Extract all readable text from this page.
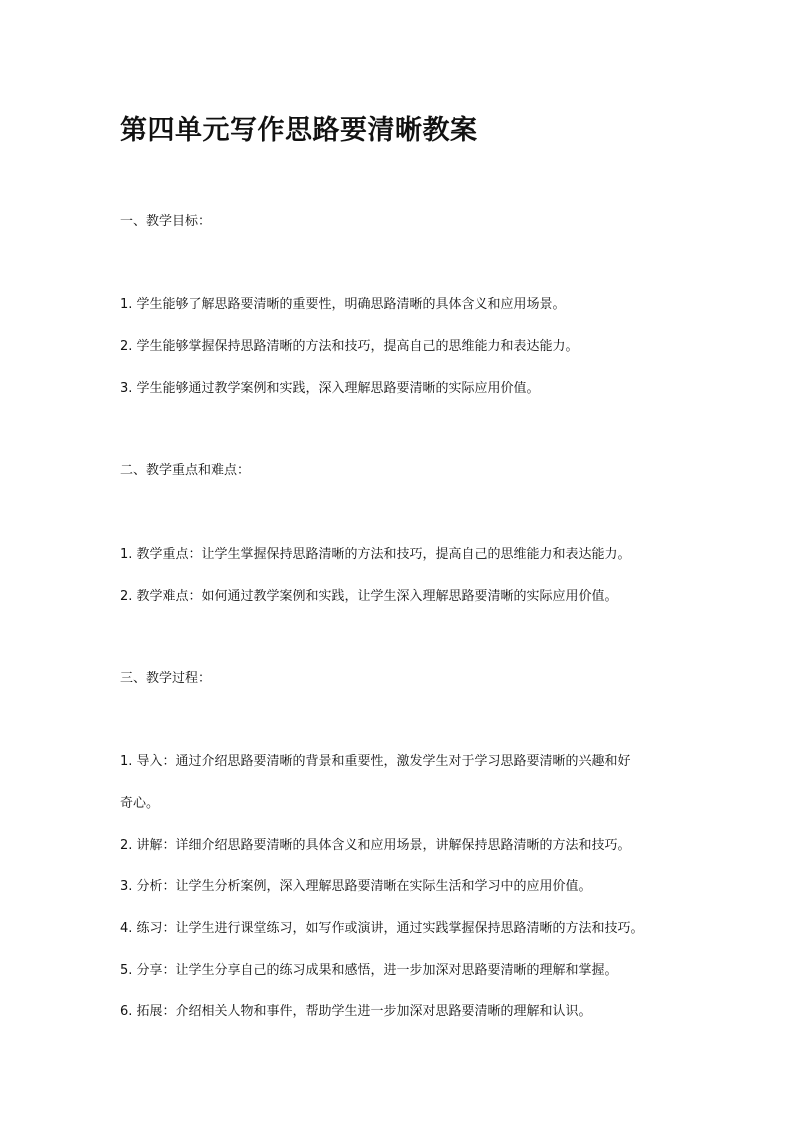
第四单元写作思路要清晰教案

一、教学目标：

1. 学生能够了解思路要清晰的重要性，明确思路清晰的具体含义和应用场景。

2. 学生能够掌握保持思路清晰的方法和技巧，提高自己的思维能力和表达能力。

3. 学生能够通过教学案例和实践，深入理解思路要清晰的实际应用价值。

二、教学重点和难点：

1. 教学重点：让学生掌握保持思路清晰的方法和技巧，提高自己的思维能力和表达能力。

2. 教学难点：如何通过教学案例和实践，让学生深入理解思路要清晰的实际应用价值。

三、教学过程：

1. 导入：通过介绍思路要清晰的背景和重要性，激发学生对于学习思路要清晰的兴趣和好

奇心。

2. 讲解：详细介绍思路要清晰的具体含义和应用场景，讲解保持思路清晰的方法和技巧。

3. 分析：让学生分析案例，深入理解思路要清晰在实际生活和学习中的应用价值。

4. 练习：让学生进行课堂练习，如写作或演讲，通过实践掌握保持思路清晰的方法和技巧。

5. 分享：让学生分享自己的练习成果和感悟，进一步加深对思路要清晰的理解和掌握。

6. 拓展：介绍相关人物和事件，帮助学生进一步加深对思路要清晰的理解和认识。
